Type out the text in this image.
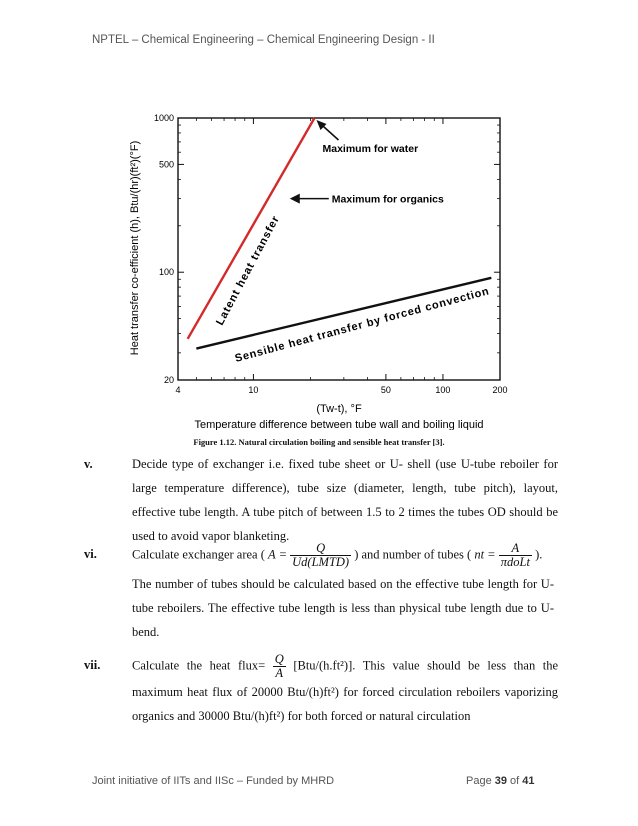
NPTEL – Chemical Engineering – Chemical Engineering Design - II
4	10	50	100	200
20
100
500
1000
Maximum for water
Maximum for organics
Latent heat transfer
Sensible heat transfer by forced convection
Heat transfer co-efficient (h), Btu/(hr)(ft²)(°F)
(Tw-t), °F
Temperature difference between tube wall and boiling liquid
Figure 1.12. Natural circulation boiling and sensible heat transfer [3].
v.	Decide type of exchanger i.e. fixed tube sheet or U- shell (use U-tube reboiler for large temperature difference), tube size (diameter, length, tube pitch), layout, effective tube length. A tube pitch of between 1.5 to 2 times the tubes OD should be used to avoid vapor blanketing.
vi.	Calculate exchanger area ( $A = \frac{Q}{\text{Ud(LMTD)}}$ ) and number of tubes ( nt = $\frac{A}{\text{πdoLt}}$ ).
The number of tubes should be calculated based on the effective tube length for U-tube reboilers. The effective tube length is less than physical tube length due to U-bend.
vii.	Calculate the heat flux= $\frac{Q}{A} [Btu/(h.ft^2)]$. This value should be less than the maximum heat flux of 20000 Btu/(h)ft²) for forced circulation reboilers vaporizing organics and 30000 Btu/(h)ft²) for both forced or natural circulation
Joint initiative of IITs and IISc – Funded by MHRD	Page 39 of 41
